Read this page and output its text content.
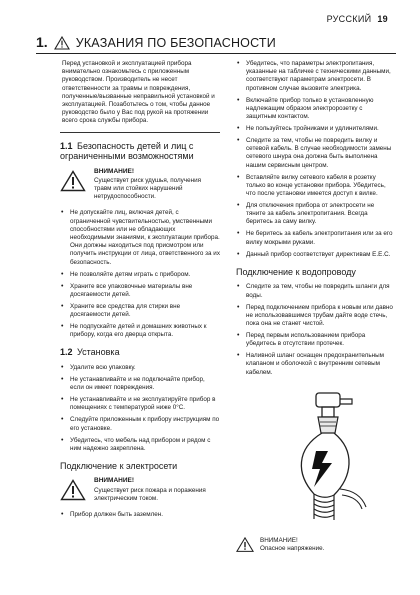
РУССКИЙ 19
1. УКАЗАНИЯ ПО БЕЗОПАСНОСТИ
Перед установкой и эксплуатацией прибора внимательно ознакомьтесь с приложенным руководством. Производитель не несет ответственности за травмы и повреждения, полученные/вызванные неправильной установкой и эксплуатацией. Позаботьтесь о том, чтобы данное руководство было у Вас под рукой на протяжении всего срока службы прибора.
1.1 Безопасность детей и лиц с ограниченными возможностями
ВНИМАНИЕ!
Существует риск удушья, получения травм или стойких нарушений нетрудоспособности.
• Не допускайте лиц, включая детей, с ограниченной чувствительностью, умственными способностями или не обладающих необходимыми знаниями, к эксплуатации прибора. Они должны находиться под присмотром или получить инструкции от лица, ответственного за их безопасность.
• Не позволяйте детям играть с прибором.
• Храните все упаковочные материалы вне досягаемости детей.
• Храните все средства для стирки вне досягаемости детей.
• Не подпускайте детей и домашних животных к прибору, когда его дверца открыта.
1.2 Установка
• Удалите всю упаковку.
• Не устанавливайте и не подключайте прибор, если он имеет повреждения.
• Не устанавливайте и не эксплуатируйте прибор в помещениях с температурой ниже 0°С.
• Следуйте приложенным к прибору инструкциям по его установке.
• Убедитесь, что мебель над прибором и рядом с ним надежно закреплена.
Подключение к электросети
ВНИМАНИЕ!
Существует риск пожара и поражения электрическим током.
• Прибор должен быть заземлен.
• Убедитесь, что параметры электропитания, указанные на табличке с техническими данными, соответствуют параметрам электросети. В противном случае вызовите электрика.
• Включайте прибор только в установленную надлежащим образом электророзетку с защитным контактом.
• Не пользуйтесь тройниками и удлинителями.
• Следите за тем, чтобы не повредить вилку и сетевой кабель. В случае необходимости замены сетевого шнура она должна быть выполнена нашим сервисным центром.
• Вставляйте вилку сетевого кабеля в розетку только во конце установки прибора. Убедитесь, что после установки имеется доступ к вилке.
• Для отключения прибора от электросети не тяните за кабель электропитания. Всегда беритесь за саму вилку.
• Не беритесь за кабель электропитания или за его вилку мокрыми руками.
• Данный прибор соответствует директивам Е.Е.С.
Подключение к водопроводу
• Следите за тем, чтобы не повредить шланги для воды.
• Перед подключением прибора к новым или давно не использовавшимся трубам дайте воде стечь, пока она не станет чистой.
• Перед первым использованием прибора убедитесь в отсутствии протечек.
• Наливной шланг оснащен предохранительным клапаном и оболочкой с внутренним сетевым кабелем.
ВНИМАНИЕ!
Опасное напряжение.
